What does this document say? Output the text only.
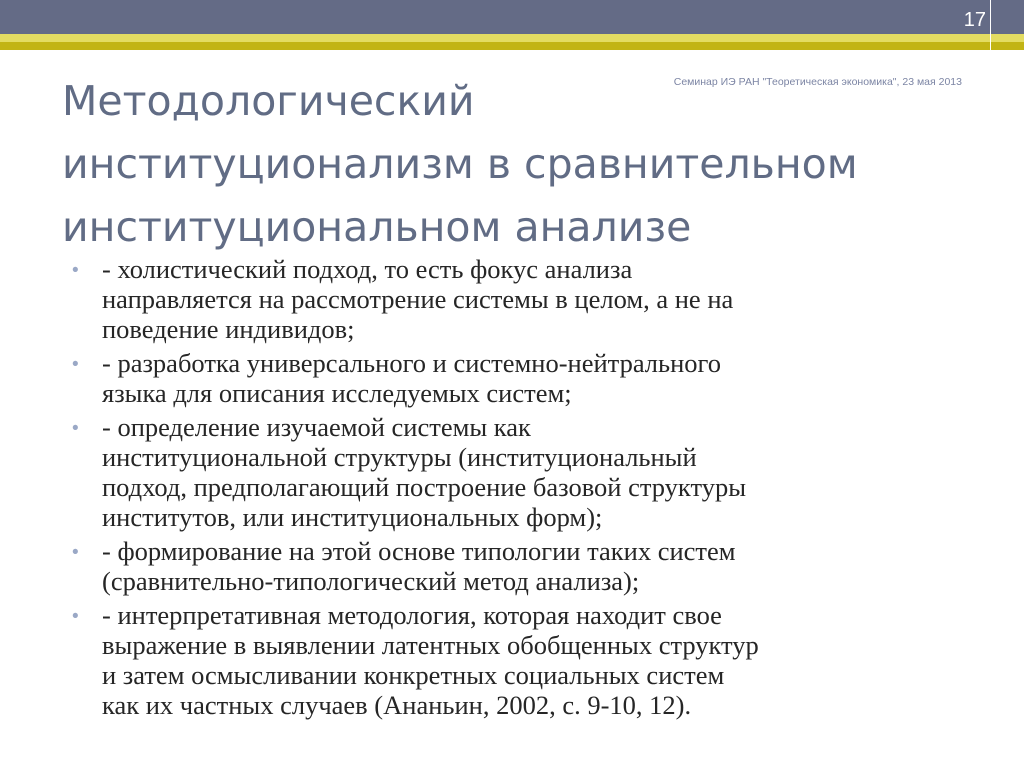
17
Семинар ИЭ РАН "Теоретическая экономика", 23 мая 2013
Методологический
институционализм в сравнительном
институциональном анализе
• - холистический подход, то есть фокус анализа
направляется на рассмотрение системы в целом, а не на
поведение индивидов;
• - разработка универсального и системно-нейтрального
языка для описания исследуемых систем;
• - определение изучаемой системы как
институциональной структуры (институциональный
подход, предполагающий построение базовой структуры
институтов, или институциональных форм);
• - формирование на этой основе типологии таких систем
(сравнительно-типологический метод анализа);
• - интерпретативная методология, которая находит свое
выражение в выявлении латентных обобщенных структур
и затем осмысливании конкретных социальных систем
как их частных случаев (Ананьин, 2002, с. 9-10, 12).
